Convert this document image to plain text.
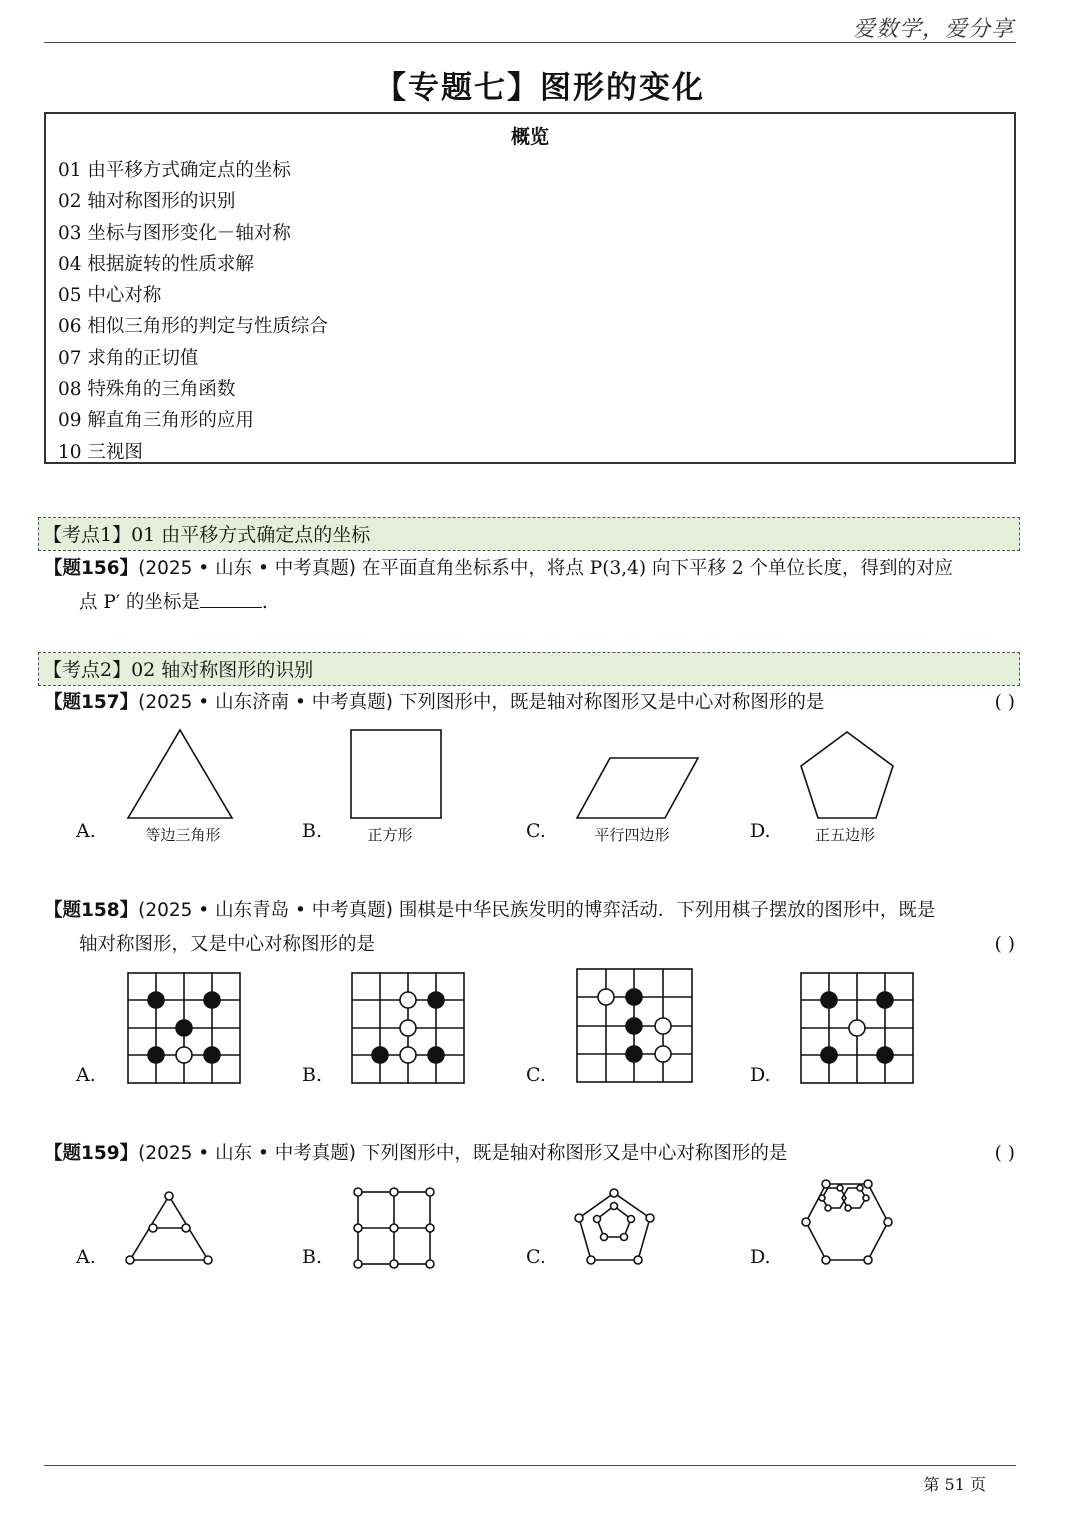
爱数学，爱分享
【专题七】图形的变化
概览
01 由平移方式确定点的坐标
02 轴对称图形的识别
03 坐标与图形变化－轴对称
04 根据旋转的性质求解
05 中心对称
06 相似三角形的判定与性质综合
07 求角的正切值
08 特殊角的三角函数
09 解直角三角形的应用
10 三视图
【考点1】01 由平移方式确定点的坐标
【题156】(2025 • 山东 • 中考真题) 在平面直角坐标系中，将点 P(3,4) 向下平移 2 个单位长度，得到的对应
点 P′ 的坐标是	.
【考点2】02 轴对称图形的识别
【题157】(2025 • 山东济南 • 中考真题) 下列图形中，既是轴对称图形又是中心对称图形的是	( )
A.	等边三角形	B.	正方形	C.	平行四边形	D.	正五边形
【题158】(2025 • 山东青岛 • 中考真题) 围棋是中华民族发明的博弈活动．下列用棋子摆放的图形中，既是
轴对称图形，又是中心对称图形的是	( )
A.	B.	C.	D.
【题159】(2025 • 山东 • 中考真题) 下列图形中，既是轴对称图形又是中心对称图形的是	( )
A.	B.	C.	D.
第 51 页
